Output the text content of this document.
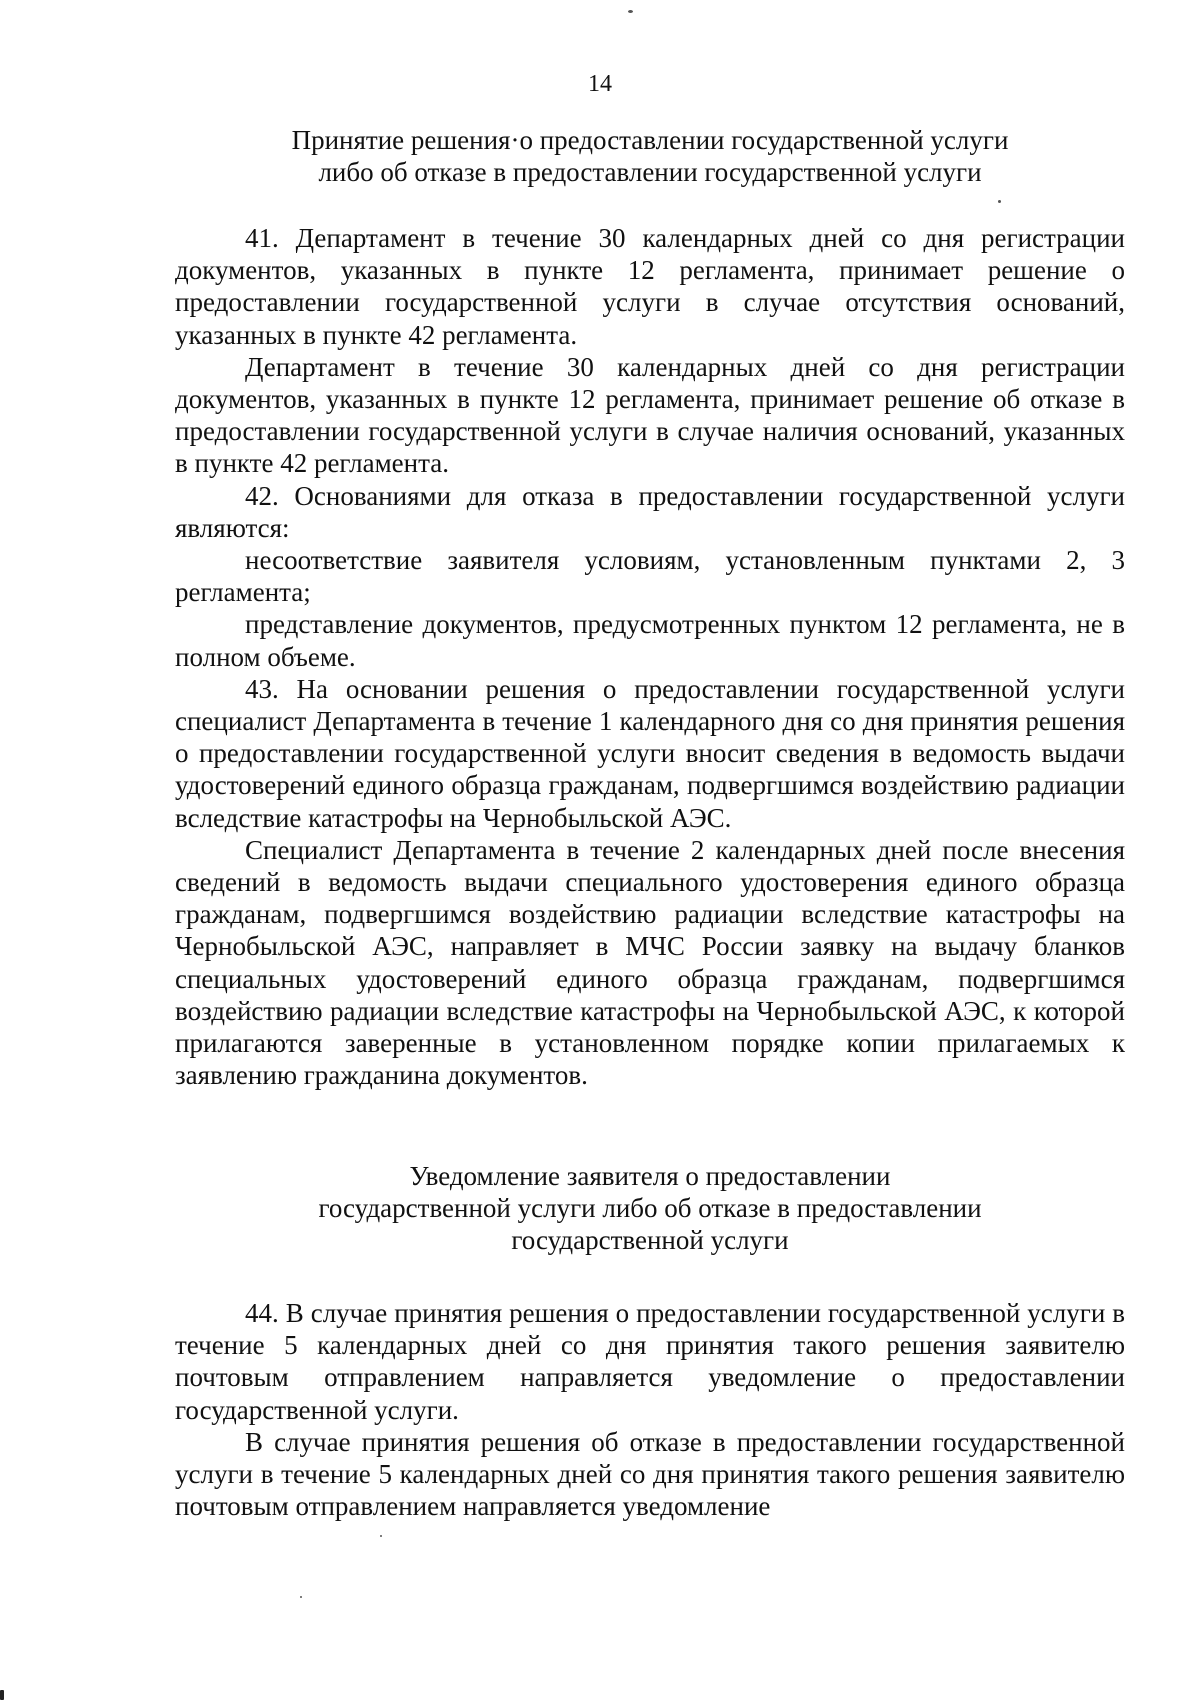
14
Принятие решения·о предоставлении государственной услуги
либо об отказе в предоставлении государственной услуги

41. Департамент в течение 30 календарных дней со дня регистрации документов, указанных в пункте 12 регламента, принимает решение о предоставлении государственной услуги в случае отсутствия оснований, указанных в пункте 42 регламента.

Департамент в течение 30 календарных дней со дня регистрации документов, указанных в пункте 12 регламента, принимает решение об отказе в предоставлении государственной услуги в случае наличия оснований, указанных в пункте 42 регламента.

42. Основаниями для отказа в предоставлении государственной услуги являются:

несоответствие заявителя условиям, установленным пунктами 2, 3 регламента;

представление документов, предусмотренных пунктом 12 регламента, не в полном объеме.

43. На основании решения о предоставлении государственной услуги специалист Департамента в течение 1 календарного дня со дня принятия решения о предоставлении государственной услуги вносит сведения в ведомость выдачи удостоверений единого образца гражданам, подвергшимся воздействию радиации вследствие катастрофы на Чернобыльской АЭС.

Специалист Департамента в течение 2 календарных дней после внесения сведений в ведомость выдачи специального удостоверения единого образца гражданам, подвергшимся воздействию радиации вследствие катастрофы на Чернобыльской АЭС, направляет в МЧС России заявку на выдачу бланков специальных удостоверений единого образца гражданам, подвергшимся воздействию радиации вследствие катастрофы на Чернобыльской АЭС, к которой прилагаются заверенные в установленном порядке копии прилагаемых к заявлению гражданина документов.

Уведомление заявителя о предоставлении
государственной услуги либо об отказе в предоставлении
государственной услуги

44. В случае принятия решения о предоставлении государственной услуги в течение 5 календарных дней со дня принятия такого решения заявителю почтовым отправлением направляется уведомление о предоставлении государственной услуги.

В случае принятия решения об отказе в предоставлении государственной услуги в течение 5 календарных дней со дня принятия такого решения заявителю почтовым отправлением направляется уведомление
